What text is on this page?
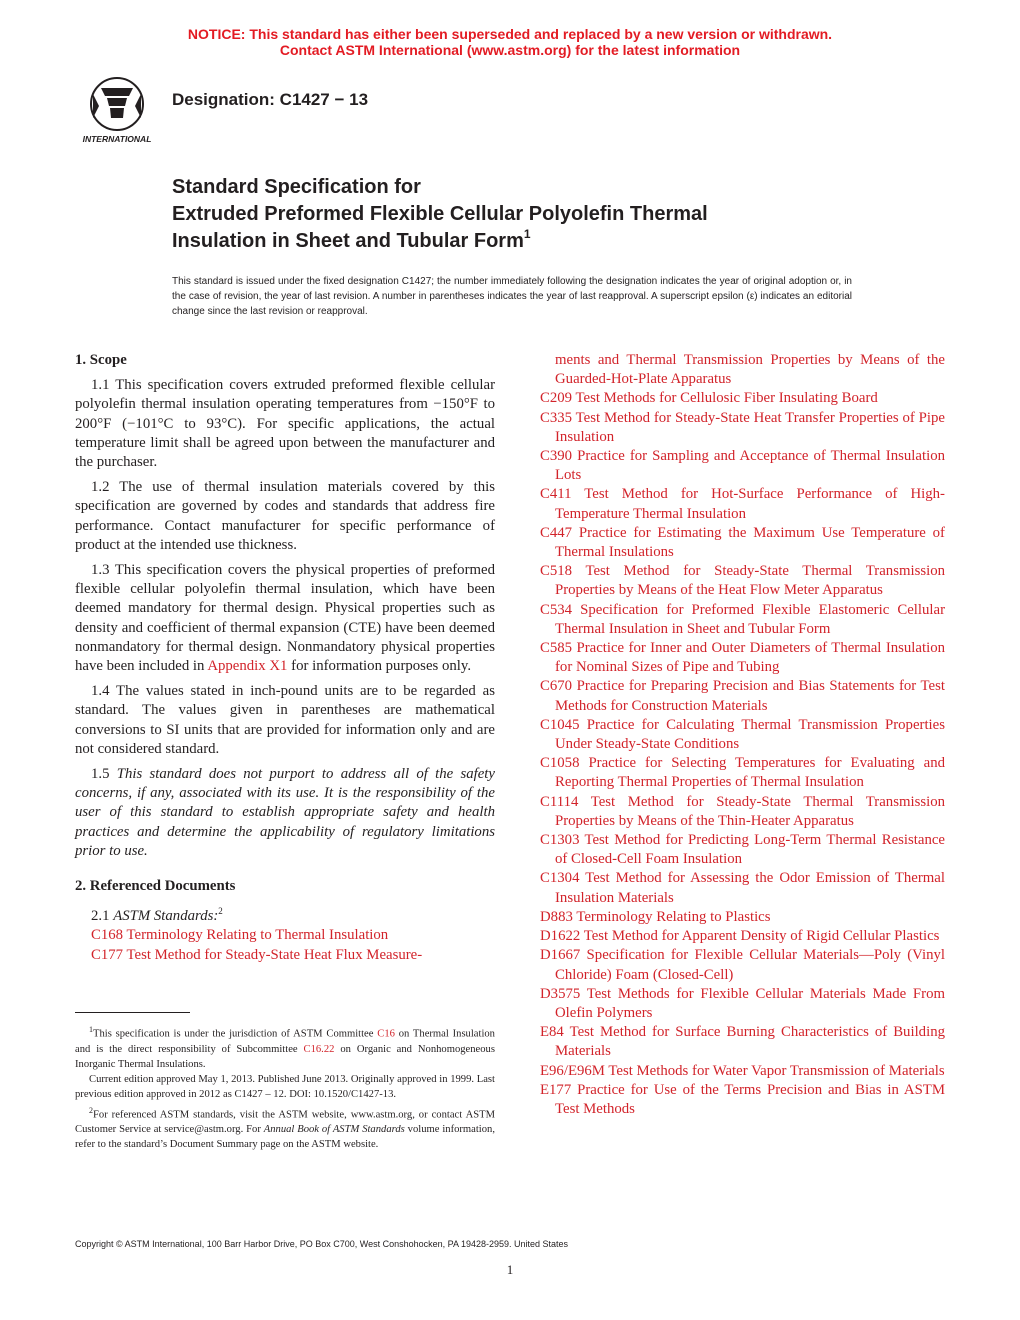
NOTICE: This standard has either been superseded and replaced by a new version or withdrawn.
Contact ASTM International (www.astm.org) for the latest information
INTERNATIONAL
Designation: C1427 − 13
Standard Specification for
Extruded Preformed Flexible Cellular Polyolefin Thermal
Insulation in Sheet and Tubular Form$^1$
This standard is issued under the fixed designation C1427; the number immediately following the designation indicates the year of original adoption or, in the case of revision, the year of last revision. A number in parentheses indicates the year of last reapproval. A superscript epsilon (ε) indicates an editorial change since the last revision or reapproval.

1. Scope

1.1 This specification covers extruded preformed flexible cellular polyolefin thermal insulation operating temperatures from −150°F to 200°F (−101°C to 93°C). For specific applications, the actual temperature limit shall be agreed upon between the manufacturer and the purchaser.

1.2 The use of thermal insulation materials covered by this specification are governed by codes and standards that address fire performance. Contact manufacturer for specific performance of product at the intended use thickness.

1.3 This specification covers the physical properties of preformed flexible cellular polyolefin thermal insulation, which have been deemed mandatory for thermal design. Physical properties such as density and coefficient of thermal expansion (CTE) have been deemed nonmandatory for thermal design. Nonmandatory physical properties have been included in Appendix X1 for information purposes only.

1.4 The values stated in inch-pound units are to be regarded as standard. The values given in parentheses are mathematical conversions to SI units that are provided for information only and are not considered standard.

1.5 This standard does not purport to address all of the safety concerns, if any, associated with its use. It is the responsibility of the user of this standard to establish appropriate safety and health practices and determine the applicability of regulatory limitations prior to use.

2. Referenced Documents

2.1 ASTM Standards:$^2$

C168 Terminology Relating to Thermal Insulation

C177 Test Method for Steady-State Heat Flux Measure-

ments and Thermal Transmission Properties by Means of the Guarded-Hot-Plate Apparatus

C209 Test Methods for Cellulosic Fiber Insulating Board

C335 Test Method for Steady-State Heat Transfer Properties of Pipe Insulation

C390 Practice for Sampling and Acceptance of Thermal Insulation Lots

C411 Test Method for Hot-Surface Performance of High-Temperature Thermal Insulation

C447 Practice for Estimating the Maximum Use Temperature of Thermal Insulations

C518 Test Method for Steady-State Thermal Transmission Properties by Means of the Heat Flow Meter Apparatus

C534 Specification for Preformed Flexible Elastomeric Cellular Thermal Insulation in Sheet and Tubular Form

C585 Practice for Inner and Outer Diameters of Thermal Insulation for Nominal Sizes of Pipe and Tubing

C670 Practice for Preparing Precision and Bias Statements for Test Methods for Construction Materials

C1045 Practice for Calculating Thermal Transmission Properties Under Steady-State Conditions

C1058 Practice for Selecting Temperatures for Evaluating and Reporting Thermal Properties of Thermal Insulation

C1114 Test Method for Steady-State Thermal Transmission Properties by Means of the Thin-Heater Apparatus

C1303 Test Method for Predicting Long-Term Thermal Resistance of Closed-Cell Foam Insulation

C1304 Test Method for Assessing the Odor Emission of Thermal Insulation Materials

D883 Terminology Relating to Plastics

D1622 Test Method for Apparent Density of Rigid Cellular Plastics

D1667 Specification for Flexible Cellular Materials—Poly (Vinyl Chloride) Foam (Closed-Cell)

D3575 Test Methods for Flexible Cellular Materials Made From Olefin Polymers

E84 Test Method for Surface Burning Characteristics of Building Materials

E96/E96M Test Methods for Water Vapor Transmission of Materials

E177 Practice for Use of the Terms Precision and Bias in ASTM Test Methods

$^1$This specification is under the jurisdiction of ASTM Committee C16 on Thermal Insulation and is the direct responsibility of Subcommittee C16.22 on Organic and Nonhomogeneous Inorganic Thermal Insulations.

Current edition approved May 1, 2013. Published June 2013. Originally approved in 1999. Last previous edition approved in 2012 as C1427 – 12. DOI: 10.1520/C1427-13.

$^2$For referenced ASTM standards, visit the ASTM website, www.astm.org, or contact ASTM Customer Service at service@astm.org. For Annual Book of ASTM Standards volume information, refer to the standard’s Document Summary page on the ASTM website.

Copyright © ASTM International, 100 Barr Harbor Drive, PO Box C700, West Conshohocken, PA 19428-2959. United States
1
